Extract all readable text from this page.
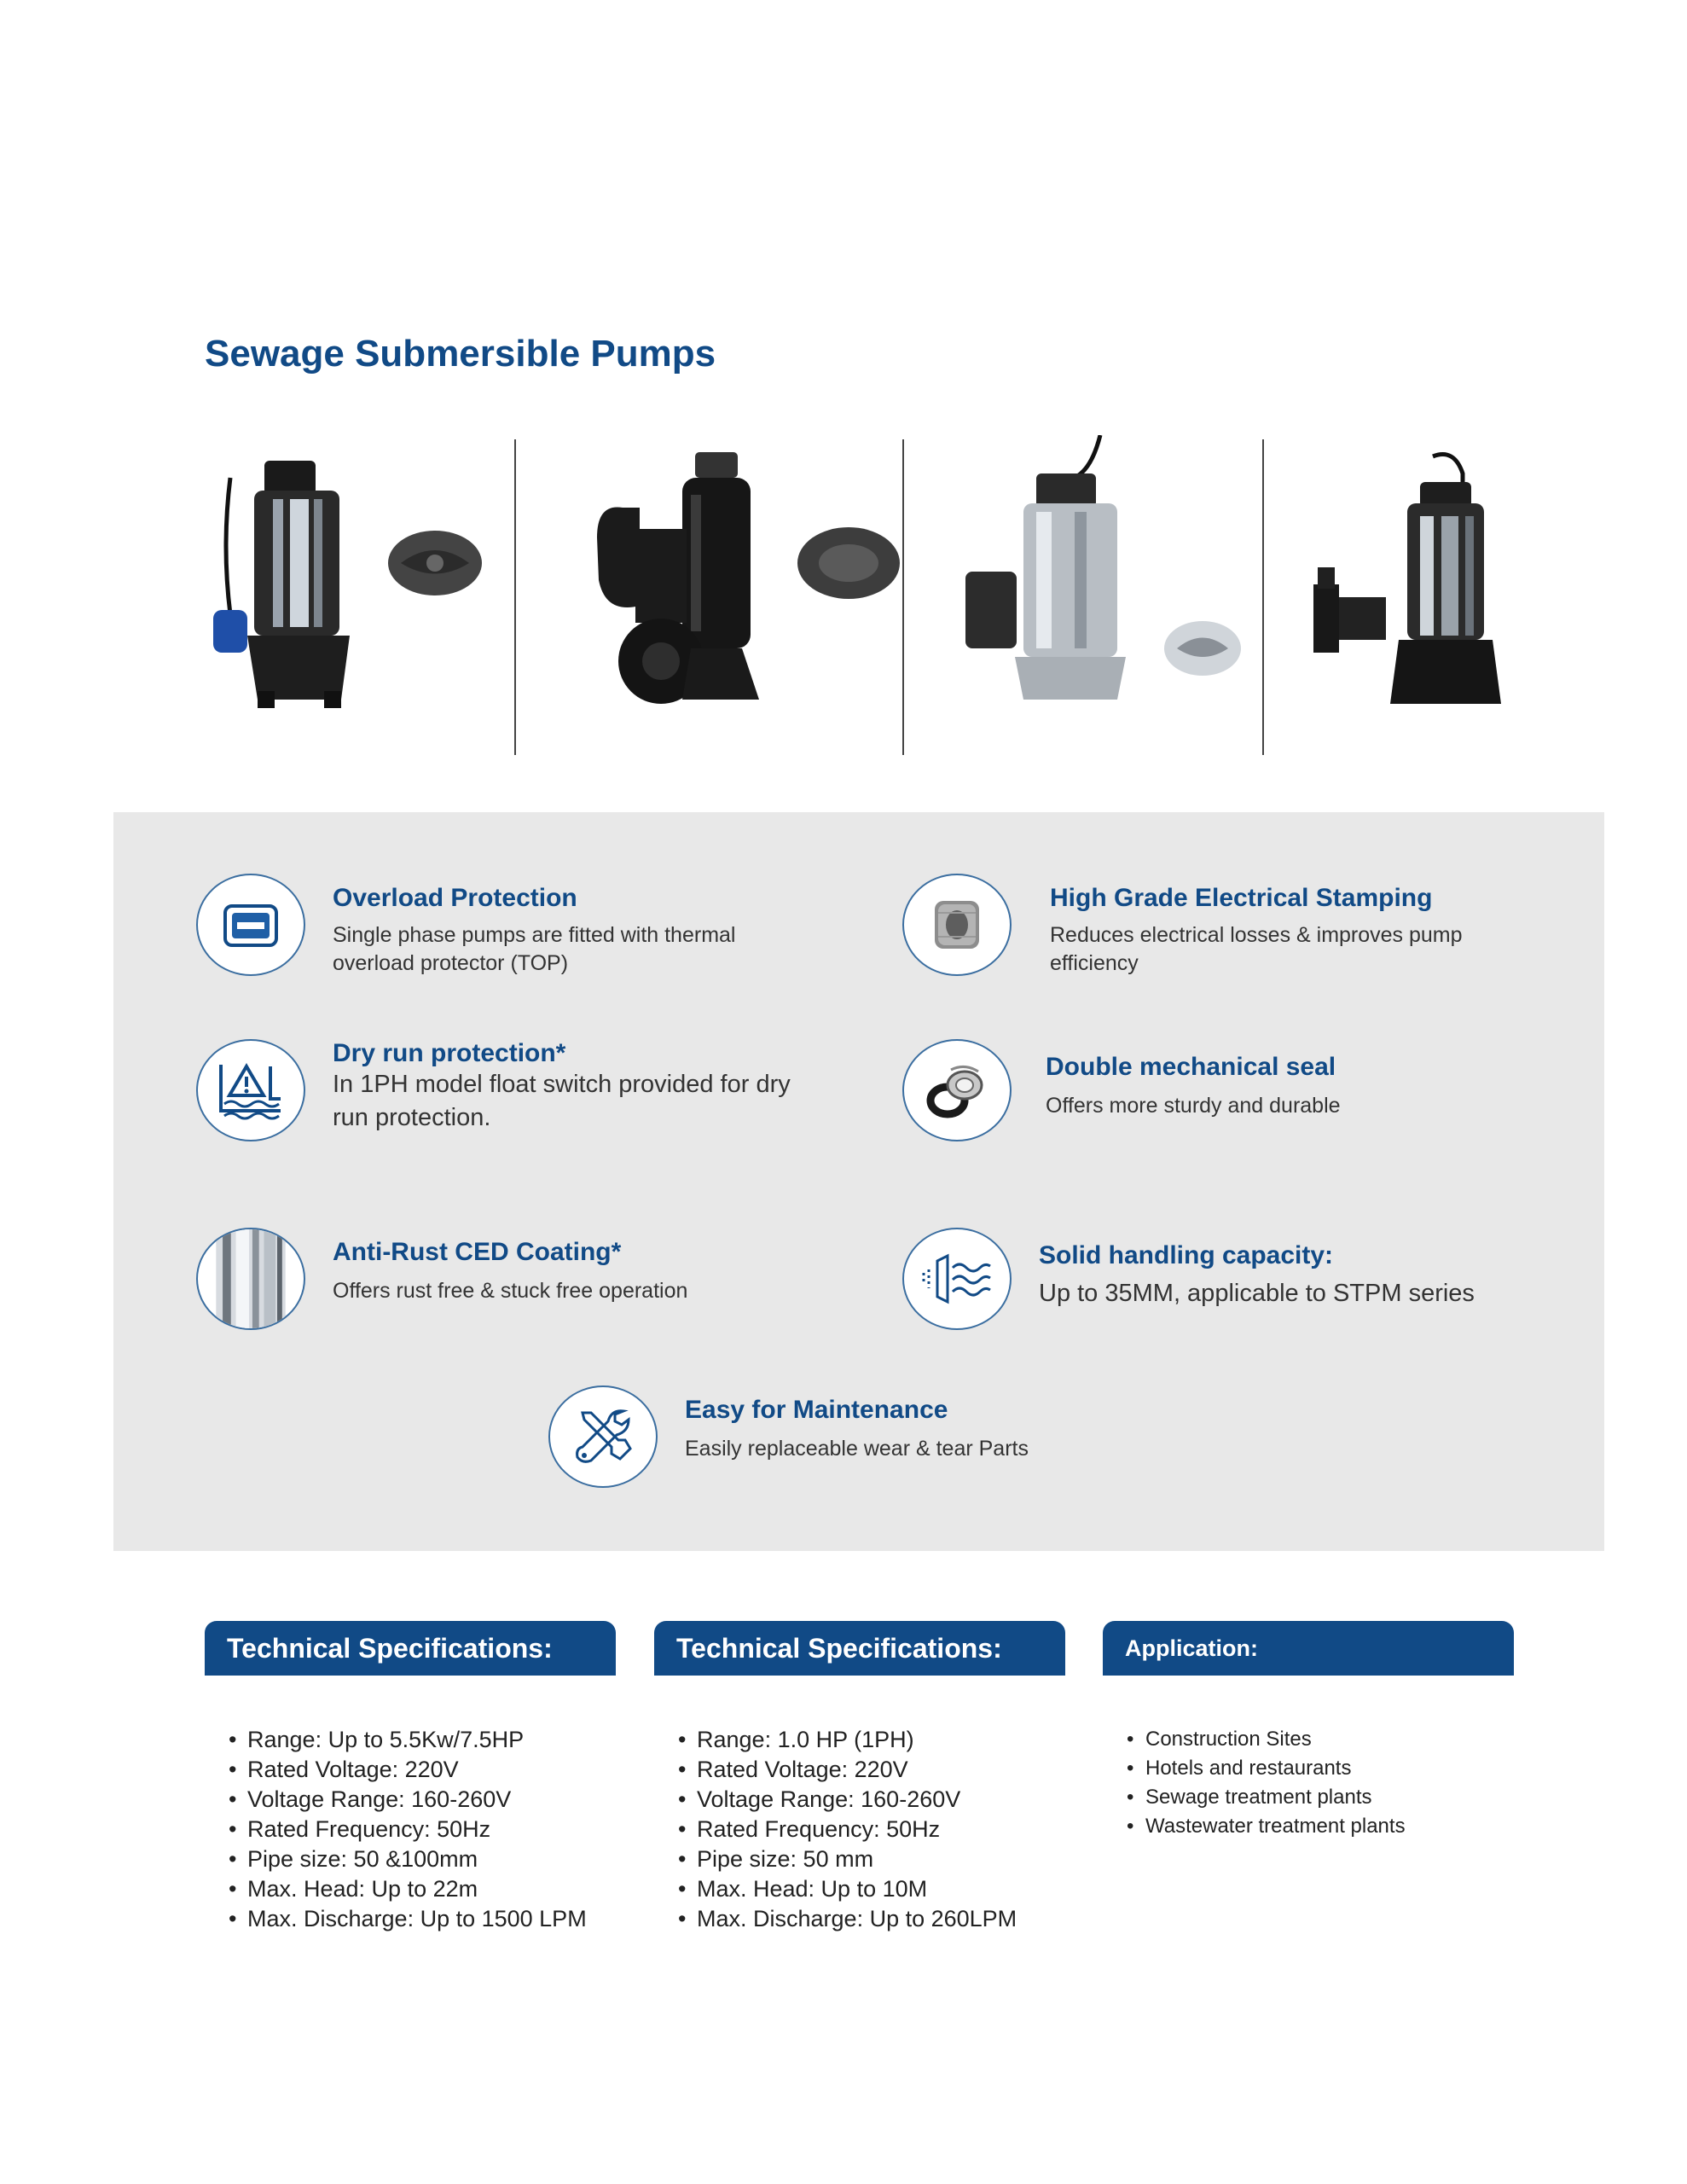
Sewage Submersible Pumps
Overload Protection
Single phase pumps are fitted with thermal overload protector (TOP)
High Grade Electrical Stamping
Reduces electrical losses & improves pump efficiency
Dry run protection*
In 1PH model float switch provided for dry run protection.
Double mechanical seal
Offers more sturdy and durable
Anti-Rust CED Coating*
Offers rust free & stuck free operation
Solid handling capacity:
Up to 35MM, applicable to STPM series
Easy for Maintenance
Easily replaceable wear & tear Parts
Technical Specifications:
• Range: Up to 5.5Kw/7.5HP
• Rated Voltage: 220V
• Voltage Range: 160-260V
• Rated Frequency: 50Hz
• Pipe size: 50 &100mm
• Max. Head: Up to 22m
• Max. Discharge: Up to 1500 LPM
Technical Specifications:
• Range: 1.0 HP (1PH)
• Rated Voltage: 220V
• Voltage Range: 160-260V
• Rated Frequency: 50Hz
• Pipe size: 50 mm
• Max. Head: Up to 10M
• Max. Discharge: Up to 260LPM
Application:
• Construction Sites
• Hotels and restaurants
• Sewage treatment plants
• Wastewater treatment plants
